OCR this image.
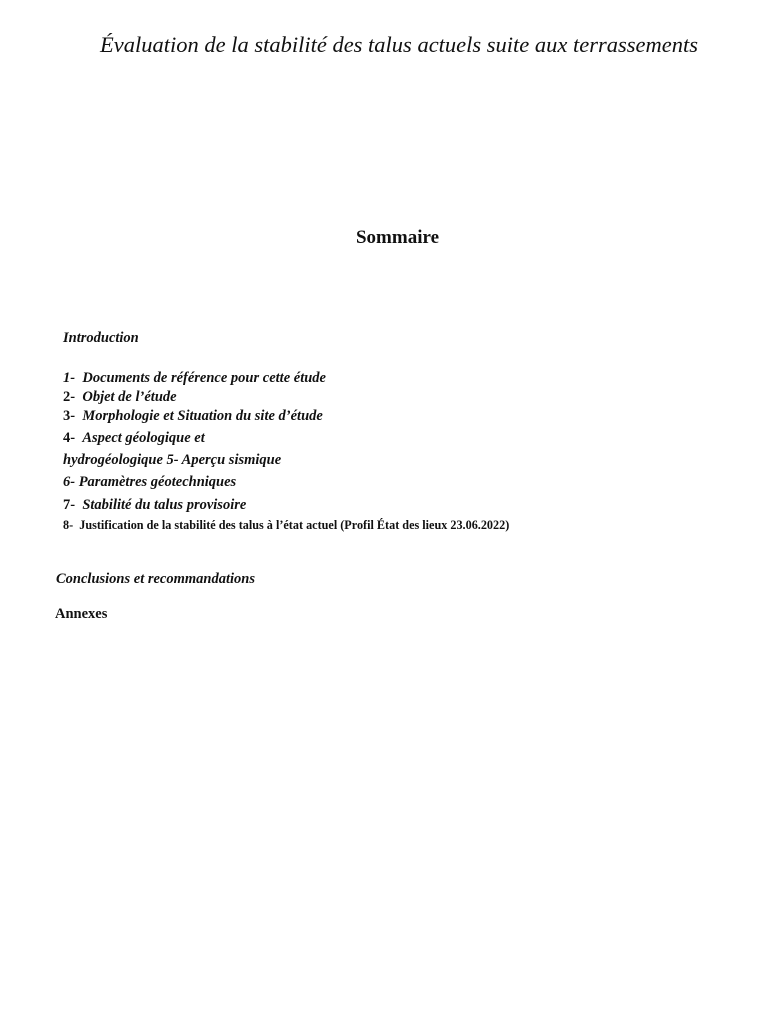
Évaluation de la stabilité des talus actuels suite aux terrassements
Sommaire

Introduction

1- Documents de référence pour cette étude

2- Objet de l’étude

3- Morphologie et Situation du site d’étude

4- Aspect géologique et

hydrogéologique 5- Aperçu sismique

6- Paramètres géotechniques

7- Stabilité du talus provisoire

8- Justification de la stabilité des talus à l’état actuel (Profil État des lieux 23.06.2022)

Conclusions et recommandations

Annexes
